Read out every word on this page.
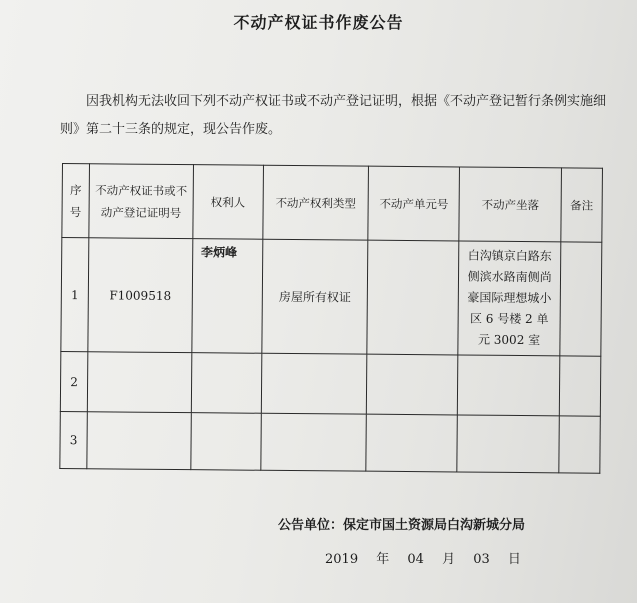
不动产权证书作废公告
因我机构无法收回下列不动产权证书或不动产登记证明，根据《不动产登记暂行条例实施细则》第二十三条的规定，现公告作废。
序号	不动产权证书或不动产登记证明号	权利人	不动产权利类型	不动产单元号	不动产坐落	备注
1	F1009518	李炳峰	房屋所有权证		白沟镇京白路东侧滨水路南侧尚豪国际理想城小区 6 号楼 2 单元 3002 室	
2						
3						
公告单位：保定市国土资源局白沟新城分局
2019 年 04 月 03 日
